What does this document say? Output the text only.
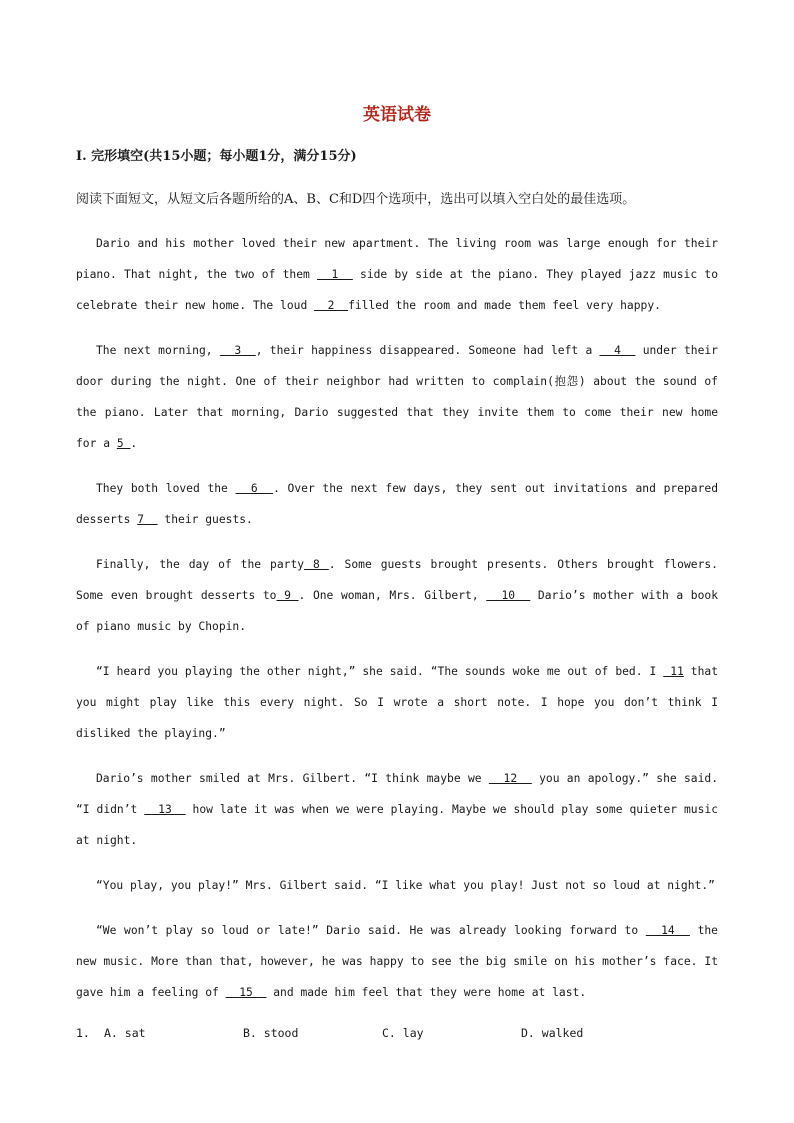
英语试卷
I. 完形填空(共15小题；每小题1分，满分15分)
阅读下面短文，从短文后各题所给的A、B、C和D四个选项中，选出可以填入空白处的最佳选项。

Dario and his mother loved their new apartment. The living room was large enough for their piano. That night, the two of them   1   side by side at the piano. They played jazz music to celebrate their new home. The loud   2  filled the room and made them feel very happy.

The next morning,   3  , their happiness disappeared. Someone had left a   4   under their door during the night. One of their neighbor had written to complain(抱怨) about the sound of the piano. Later that morning, Dario suggested that they invite them to come their new home for a 5 .

They both loved the   6  . Over the next few days, they sent out invitations and prepared desserts 7   their guests.

Finally, the day of the party 8 . Some guests brought presents. Others brought flowers. Some even brought desserts to 9 . One woman, Mrs. Gilbert,   10   Dario’s mother with a book of piano music by Chopin.

“I heard you playing the other night,” she said. “The sounds woke me out of bed. I  11 that you might play like this every night. So I wrote a short note. I hope you don’t think I disliked the playing.”

Dario’s mother smiled at Mrs. Gilbert. “I think maybe we   12   you an apology.” she said. “I didn’t   13   how late it was when we were playing. Maybe we should play some quieter music at night.

“You play, you play!” Mrs. Gilbert said. “I like what you play! Just not so loud at night.”

“We won’t play so loud or late!” Dario said. He was already looking forward to   14   the new music. More than that, however, he was happy to see the big smile on his mother’s face. It gave him a feeling of   15   and made him feel that they were home at last.

1.	A. sat	B. stood	C. lay	D. walked
